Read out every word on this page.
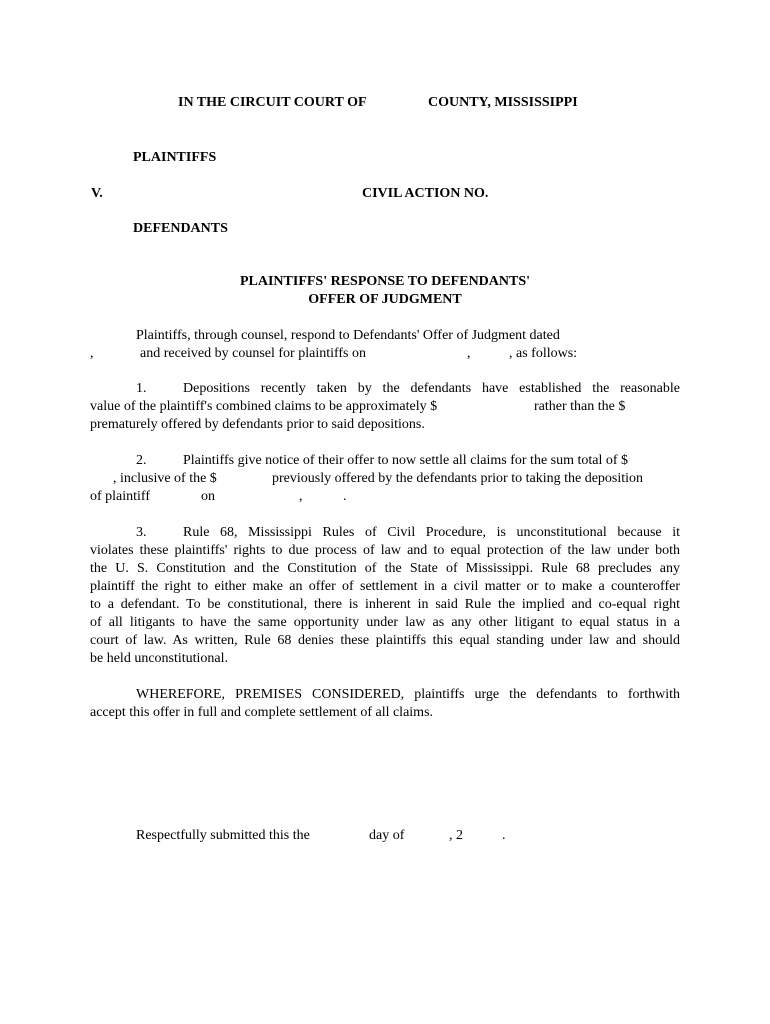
IN THE CIRCUIT COURT OF	COUNTY, MISSISSIPPI
PLAINTIFFS
V.	CIVIL ACTION NO.
DEFENDANTS
PLAINTIFFS' RESPONSE TO DEFENDANTS'
OFFER OF JUDGMENT
Plaintiffs, through counsel, respond to Defendants' Offer of Judgment dated
,	and received by counsel for plaintiffs on	,	, as follows:
1.	Depositions recently taken by the defendants have established the reasonable
value of the plaintiff's combined claims to be approximately $	rather than the $
prematurely offered by defendants prior to said depositions.
2.	Plaintiffs give notice of their offer to now settle all claims for the sum total of $
, inclusive of the $	previously offered by the defendants prior to taking the deposition
of plaintiff	on	,	.
3.	Rule 68, Mississippi Rules of Civil Procedure, is unconstitutional because it
violates these plaintiffs' rights to due process of law and to equal protection of the law under both
the U. S. Constitution and the Constitution of the State of Mississippi. Rule 68 precludes any
plaintiff the right to either make an offer of settlement in a civil matter or to make a counteroffer
to a defendant. To be constitutional, there is inherent in said Rule the implied and co-equal right
of all litigants to have the same opportunity under law as any other litigant to equal status in a
court of law. As written, Rule 68 denies these plaintiffs this equal standing under law and should
be held unconstitutional.
WHEREFORE, PREMISES CONSIDERED, plaintiffs urge the defendants to forthwith
accept this offer in full and complete settlement of all claims.
Respectfully submitted this the	day of	, 2	.
